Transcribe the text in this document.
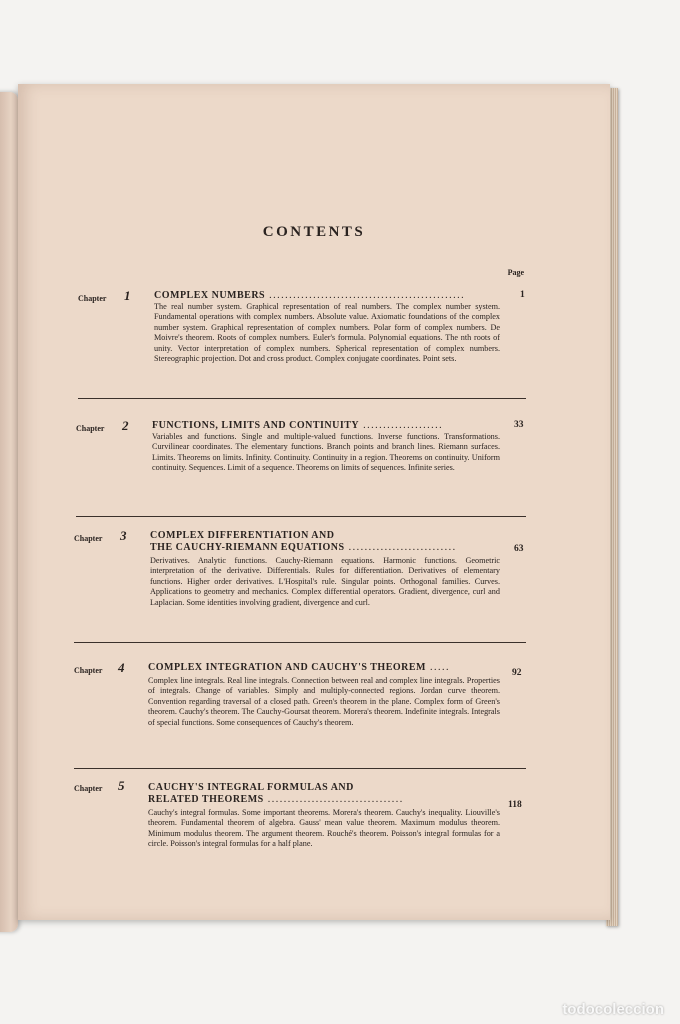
CONTENTS
Page
Chapter 1 COMPLEX NUMBERS .................................................	1
The real number system. Graphical representation of real numbers. The complex number system. Fundamental operations with complex numbers. Absolute value. Axiomatic foundations of the complex number system. Graphical representation of complex numbers. Polar form of complex numbers. De Moivre's theorem. Roots of complex numbers. Euler's formula. Polynomial equations. The nth roots of unity. Vector interpretation of complex numbers. Spherical representation of complex numbers. Stereographic projection. Dot and cross product. Complex conjugate coordinates. Point sets.
Chapter 2 FUNCTIONS, LIMITS AND CONTINUITY ....................	33
Variables and functions. Single and multiple-valued functions. Inverse functions. Transformations. Curvilinear coordinates. The elementary functions. Branch points and branch lines. Riemann surfaces. Limits. Theorems on limits. Infinity. Continuity. Continuity in a region. Theorems on continuity. Uniform continuity. Sequences. Limit of a sequence. Theorems on limits of sequences. Infinite series.
Chapter 3 COMPLEX DIFFERENTIATION AND
THE CAUCHY-RIEMANN EQUATIONS ...........................	63
Derivatives. Analytic functions. Cauchy-Riemann equations. Harmonic functions. Geometric interpretation of the derivative. Differentials. Rules for differentiation. Derivatives of elementary functions. Higher order derivatives. L'Hospital's rule. Singular points. Orthogonal families. Curves. Applications to geometry and mechanics. Complex differential operators. Gradient, divergence, curl and Laplacian. Some identities involving gradient, divergence and curl.
Chapter 4 COMPLEX INTEGRATION AND CAUCHY'S THEOREM .....	92
Complex line integrals. Real line integrals. Connection between real and complex line integrals. Properties of integrals. Change of variables. Simply and multiply-connected regions. Jordan curve theorem. Convention regarding traversal of a closed path. Green's theorem in the plane. Complex form of Green's theorem. Cauchy's theorem. The Cauchy-Goursat theorem. Morera's theorem. Indefinite integrals. Integrals of special functions. Some consequences of Cauchy's theorem.
Chapter 5 CAUCHY'S INTEGRAL FORMULAS AND
RELATED THEOREMS ..................................	118
Cauchy's integral formulas. Some important theorems. Morera's theorem. Cauchy's inequality. Liouville's theorem. Fundamental theorem of algebra. Gauss' mean value theorem. Maximum modulus theorem. Minimum modulus theorem. The argument theorem. Rouché's theorem. Poisson's integral formulas for a circle. Poisson's integral formulas for a half plane.
todocoleccion
